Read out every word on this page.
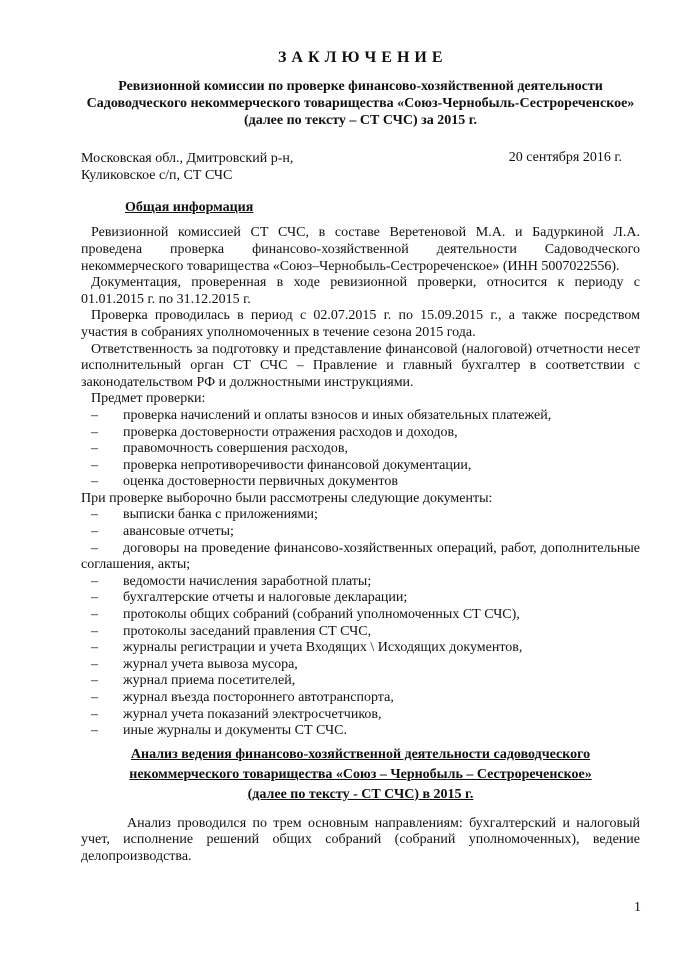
З А К Л Ю Ч Е Н И Е
Ревизионной комиссии по проверке финансово-хозяйственной деятельности
Садоводческого некоммерческого товарищества «Союз-Чернобыль-Сестрореченское»
(далее по тексту – СТ СЧС) за 2015 г.
Московская обл., Дмитровский р-н,
Куликовское с/п, СТ СЧС
20 сентября 2016 г.
Общая информация

Ревизионной комиссией СТ СЧС, в составе Веретеновой М.А. и Бадуркиной Л.А. проведена проверка финансово-хозяйственной деятельности Садоводческого некоммерческого товарищества «Союз–Чернобыль-Сестрореченское» (ИНН 5007022556).

Документация, проверенная в ходе ревизионной проверки, относится к периоду с 01.01.2015 г. по 31.12.2015 г.

Проверка проводилась в период с 02.07.2015 г. по 15.09.2015 г., а также посредством участия в собраниях уполномоченных в течение сезона 2015 года.

Ответственность за подготовку и представление финансовой (налоговой) отчетности несет исполнительный орган СТ СЧС – Правление и главный бухгалтер в соответствии с законодательством РФ и должностными инструкциями.

Предмет проверки:

– проверка начислений и оплаты взносов и иных обязательных платежей,
– проверка достоверности отражения расходов и доходов,
– правомочность совершения расходов,
– проверка непротиворечивости финансовой документации,
– оценка достоверности первичных документов

При проверке выборочно были рассмотрены следующие документы:

– выписки банка с приложениями;
– авансовые отчеты;
– договоры на проведение финансово-хозяйственных операций, работ, дополнительные соглашения, акты;
– ведомости начисления заработной платы;
– бухгалтерские отчеты и налоговые декларации;
– протоколы общих собраний (собраний уполномоченных СТ СЧС),
– протоколы заседаний правления СТ СЧС,
– журналы регистрации и учета Входящих \ Исходящих документов,
– журнал учета вывоза мусора,
– журнал приема посетителей,
– журнал въезда постороннего автотранспорта,
– журнал учета показаний электросчетчиков,
– иные журналы и документы СТ СЧС.
Анализ ведения финансово-хозяйственной деятельности садоводческого
некоммерческого товарищества «Союз – Чернобыль – Сестрореченское»
(далее по тексту - СТ СЧС) в 2015 г.

Анализ проводился по трем основным направлениям: бухгалтерский и налоговый учет, исполнение решений общих собраний (собраний уполномоченных), ведение делопроизводства.

1
